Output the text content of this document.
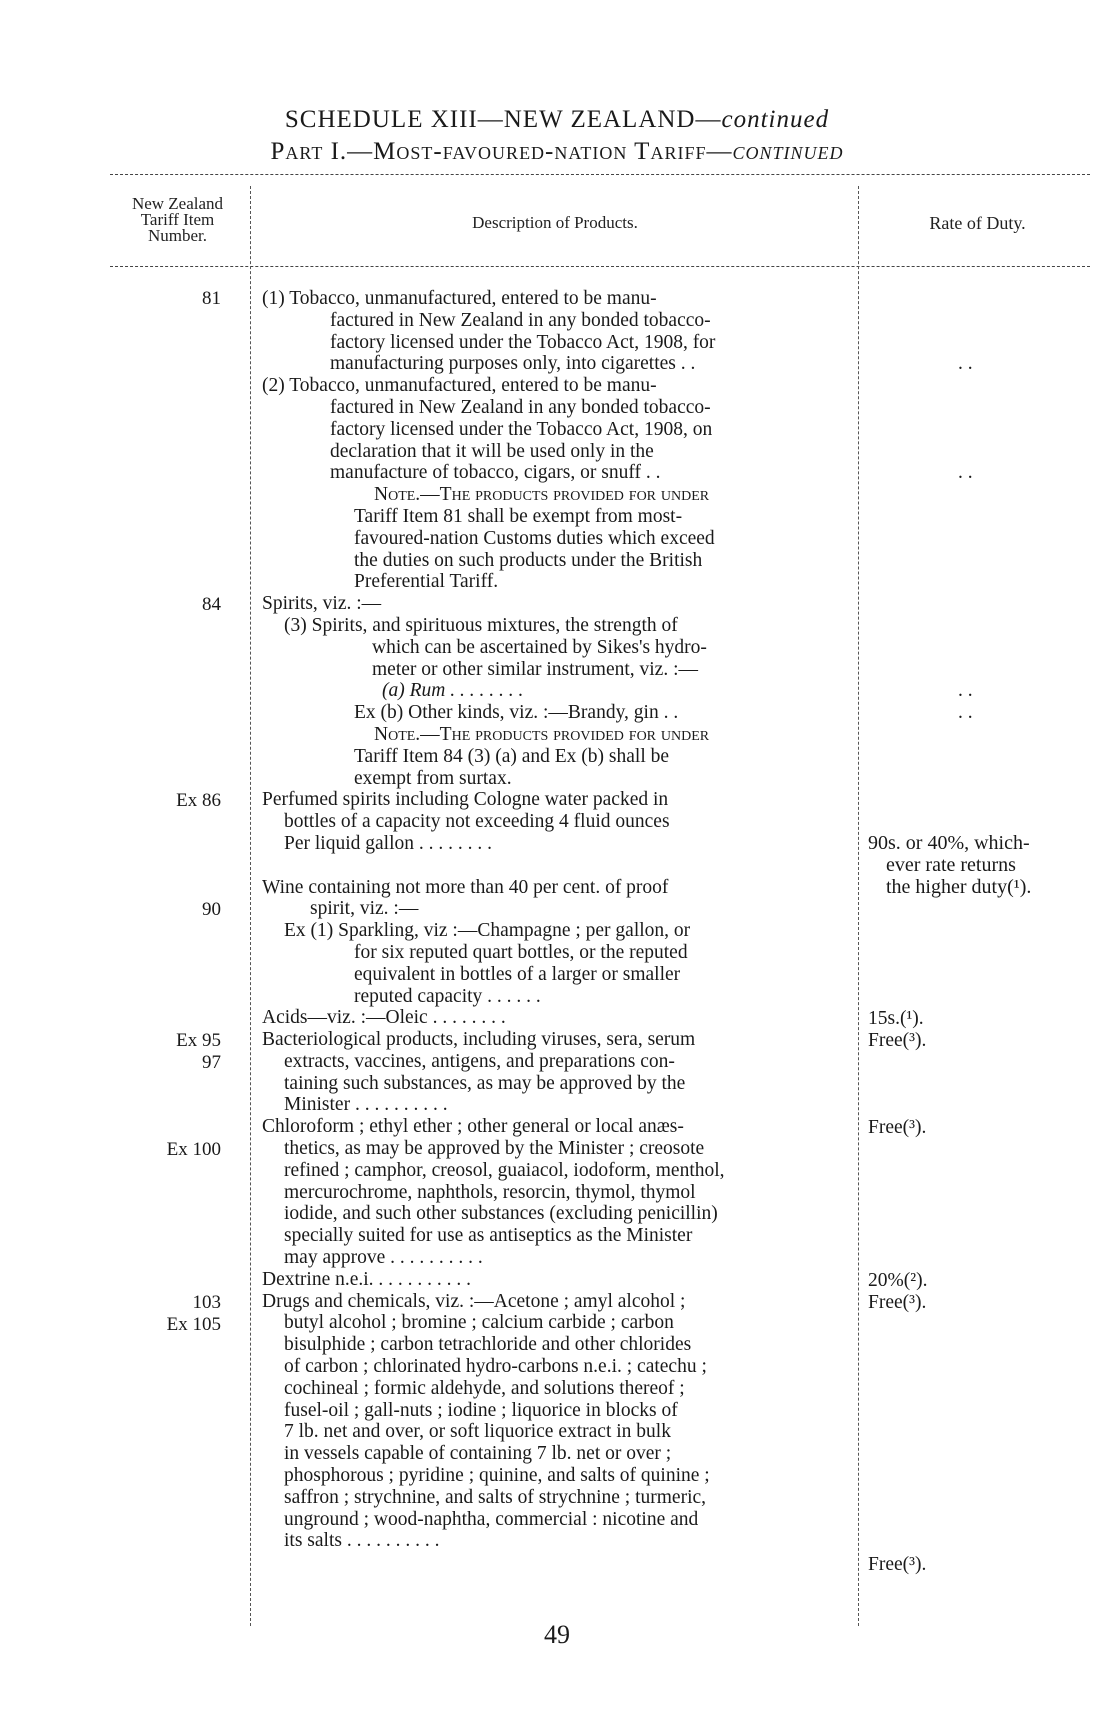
SCHEDULE XIII—NEW ZEALAND—continued
Part I.—Most-favoured-nation Tariff—continued
New Zealand
Tariff Item
Number.
Description of Products.	Rate of Duty.
81
84
Ex 86
90
Ex 95
97
Ex 100
103
Ex 105
(1) Tobacco, unmanufactured, entered to be manu-
factured in New Zealand in any bonded tobacco-
factory licensed under the Tobacco Act, 1908, for
manufacturing purposes only, into cigarettes . .
(2) Tobacco, unmanufactured, entered to be manu-
factured in New Zealand in any bonded tobacco-
factory licensed under the Tobacco Act, 1908, on
declaration that it will be used only in the
manufacture of tobacco, cigars, or snuff . .
Note.—The products provided for under
Tariff Item 81 shall be exempt from most-
favoured-nation Customs duties which exceed
the duties on such products under the British
Preferential Tariff.
Spirits, viz. :—
(3) Spirits, and spirituous mixtures, the strength of
which can be ascertained by Sikes's hydro-
meter or other similar instrument, viz. :—
(a) Rum . . . . . . . .
Ex (b) Other kinds, viz. :—Brandy, gin . .
Note.—The products provided for under
Tariff Item 84 (3) (a) and Ex (b) shall be
exempt from surtax.
Perfumed spirits including Cologne water packed in
bottles of a capacity not exceeding 4 fluid ounces
Per liquid gallon . . . . . . . .
Wine containing not more than 40 per cent. of proof
spirit, viz. :—
Ex (1) Sparkling, viz :—Champagne ; per gallon, or
for six reputed quart bottles, or the reputed
equivalent in bottles of a larger or smaller
reputed capacity . . . . . .
Acids—viz. :—Oleic . . . . . . . .
Bacteriological products, including viruses, sera, serum
extracts, vaccines, antigens, and preparations con-
taining such substances, as may be approved by the
Minister . . . . . . . . . .
Chloroform ; ethyl ether ; other general or local anæs-
thetics, as may be approved by the Minister ; creosote
refined ; camphor, creosol, guaiacol, iodoform, menthol,
mercurochrome, naphthols, resorcin, thymol, thymol
iodide, and such other substances (excluding penicillin)
specially suited for use as antiseptics as the Minister
may approve . . . . . . . . . .
Dextrine n.e.i. . . . . . . . . . .
Drugs and chemicals, viz. :—Acetone ; amyl alcohol ;
butyl alcohol ; bromine ; calcium carbide ; carbon
bisulphide ; carbon tetrachloride and other chlorides
of carbon ; chlorinated hydro-carbons n.e.i. ; catechu ;
cochineal ; formic aldehyde, and solutions thereof ;
fusel-oil ; gall-nuts ; iodine ; liquorice in blocks of
7 lb. net and over, or soft liquorice extract in bulk
in vessels capable of containing 7 lb. net or over ;
phosphorous ; pyridine ; quinine, and salts of quinine ;
saffron ; strychnine, and salts of strychnine ; turmeric,
unground ; wood-naphtha, commercial : nicotine and
its salts . . . . . . . . . .
. .
. .
. .
. .
90s. or 40%, which-
ever rate returns
the higher duty(¹).
15s.(¹).
Free(³).
Free(³).
20%(²).
Free(³).
Free(³).
49
